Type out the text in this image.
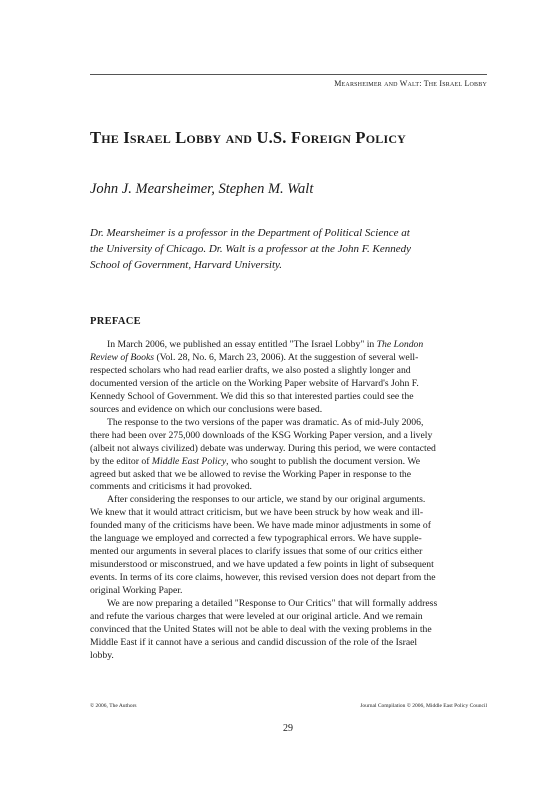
Mearsheimer and Walt: The Israel Lobby
The Israel Lobby and U.S. Foreign Policy
John J. Mearsheimer, Stephen M. Walt
Dr. Mearsheimer is a professor in the Department of Political Science at
the University of Chicago. Dr. Walt is a professor at the John F. Kennedy
School of Government, Harvard University.
PREFACE
In March 2006, we published an essay entitled "The Israel Lobby" in The London
Review of Books (Vol. 28, No. 6, March 23, 2006). At the suggestion of several well-
respected scholars who had read earlier drafts, we also posted a slightly longer and
documented version of the article on the Working Paper website of Harvard's John F.
Kennedy School of Government. We did this so that interested parties could see the
sources and evidence on which our conclusions were based.
The response to the two versions of the paper was dramatic. As of mid-July 2006,
there had been over 275,000 downloads of the KSG Working Paper version, and a lively
(albeit not always civilized) debate was underway. During this period, we were contacted
by the editor of Middle East Policy, who sought to publish the document version. We
agreed but asked that we be allowed to revise the Working Paper in response to the
comments and criticisms it had provoked.
After considering the responses to our article, we stand by our original arguments.
We knew that it would attract criticism, but we have been struck by how weak and ill-
founded many of the criticisms have been. We have made minor adjustments in some of
the language we employed and corrected a few typographical errors. We have supple-
mented our arguments in several places to clarify issues that some of our critics either
misunderstood or misconstrued, and we have updated a few points in light of subsequent
events. In terms of its core claims, however, this revised version does not depart from the
original Working Paper.
We are now preparing a detailed "Response to Our Critics" that will formally address
and refute the various charges that were leveled at our original article. And we remain
convinced that the United States will not be able to deal with the vexing problems in the
Middle East if it cannot have a serious and candid discussion of the role of the Israel
lobby.
© 2006, The Authors	Journal Compilation © 2006, Middle East Policy Council
29
